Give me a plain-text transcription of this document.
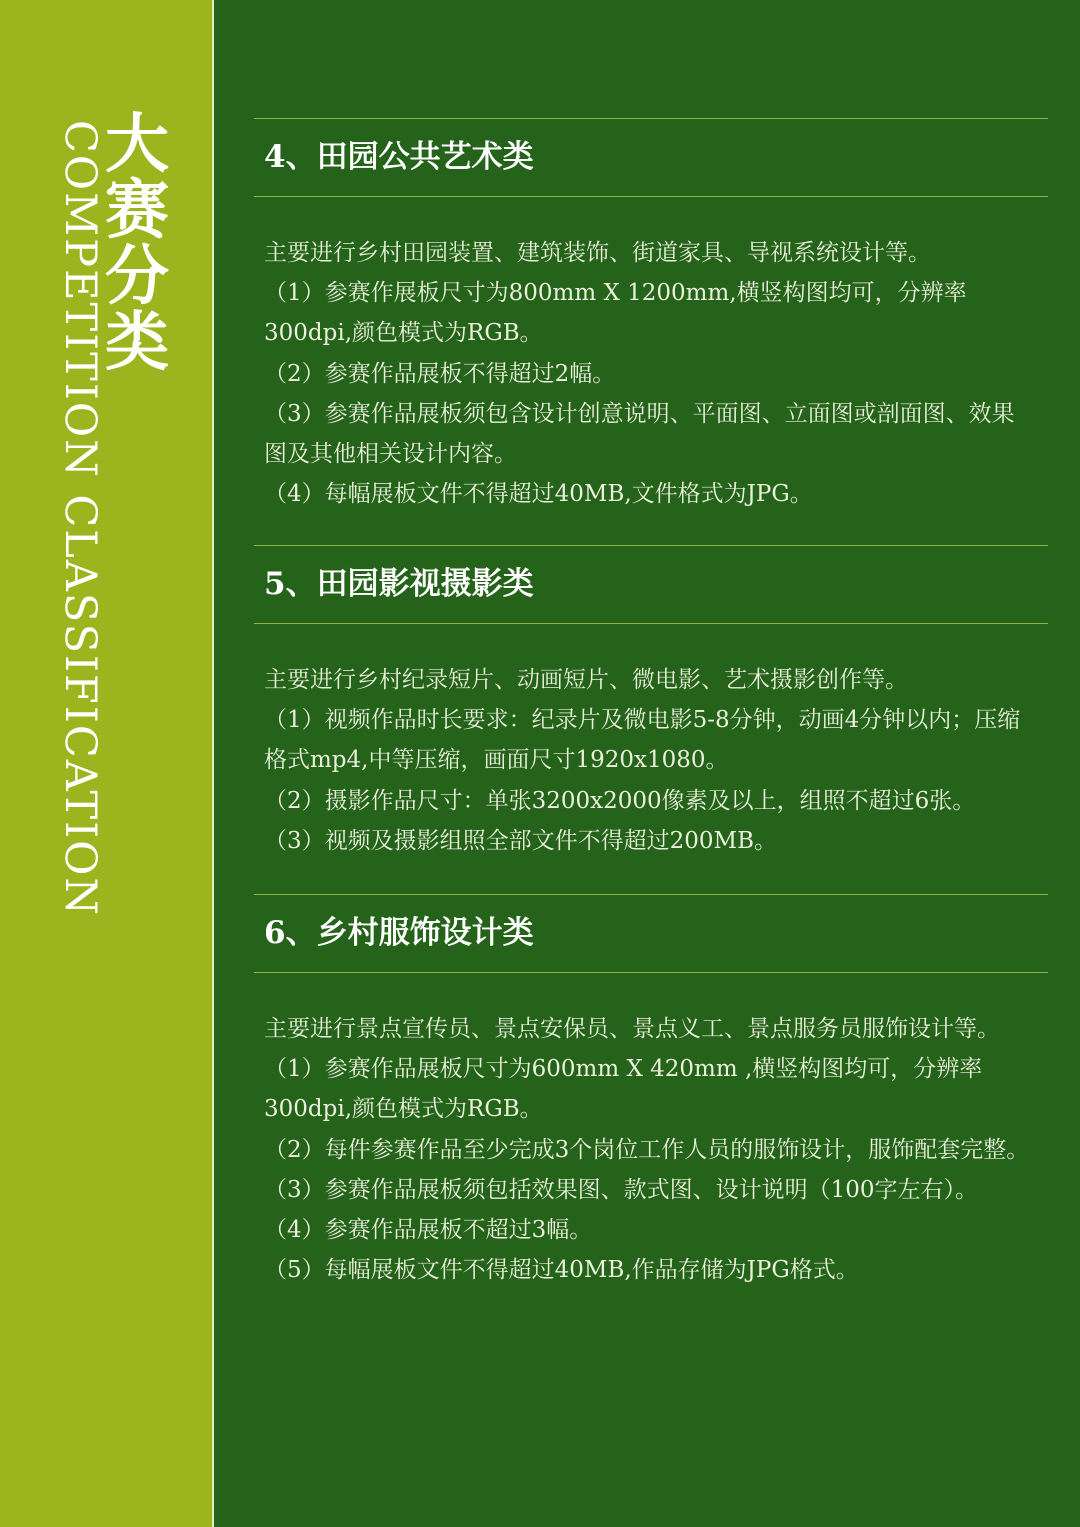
COMPETITION CLASSIFICATION 大赛分类
4、田园公共艺术类

主要进行乡村田园装置、建筑装饰、街道家具、导视系统设计等。

（1）参赛作展板尺寸为800mm X 1200mm,横竖构图均可，分辨率

300dpi,颜色模式为RGB。

（2）参赛作品展板不得超过2幅。

（3）参赛作品展板须包含设计创意说明、平面图、立面图或剖面图、效果

图及其他相关设计内容。

（4）每幅展板文件不得超过40MB,文件格式为JPG。

5、田园影视摄影类

主要进行乡村纪录短片、动画短片、微电影、艺术摄影创作等。

（1）视频作品时长要求：纪录片及微电影5-8分钟，动画4分钟以内；压缩

格式mp4,中等压缩，画面尺寸1920x1080。

（2）摄影作品尺寸：单张3200x2000像素及以上，组照不超过6张。

（3）视频及摄影组照全部文件不得超过200MB。

6、乡村服饰设计类

主要进行景点宣传员、景点安保员、景点义工、景点服务员服饰设计等。

（1）参赛作品展板尺寸为600mm X 420mm ,横竖构图均可，分辨率

300dpi,颜色模式为RGB。

（2）每件参赛作品至少完成3个岗位工作人员的服饰设计，服饰配套完整。

（3）参赛作品展板须包括效果图、款式图、设计说明（100字左右）。

（4）参赛作品展板不超过3幅。

（5）每幅展板文件不得超过40MB,作品存储为JPG格式。
